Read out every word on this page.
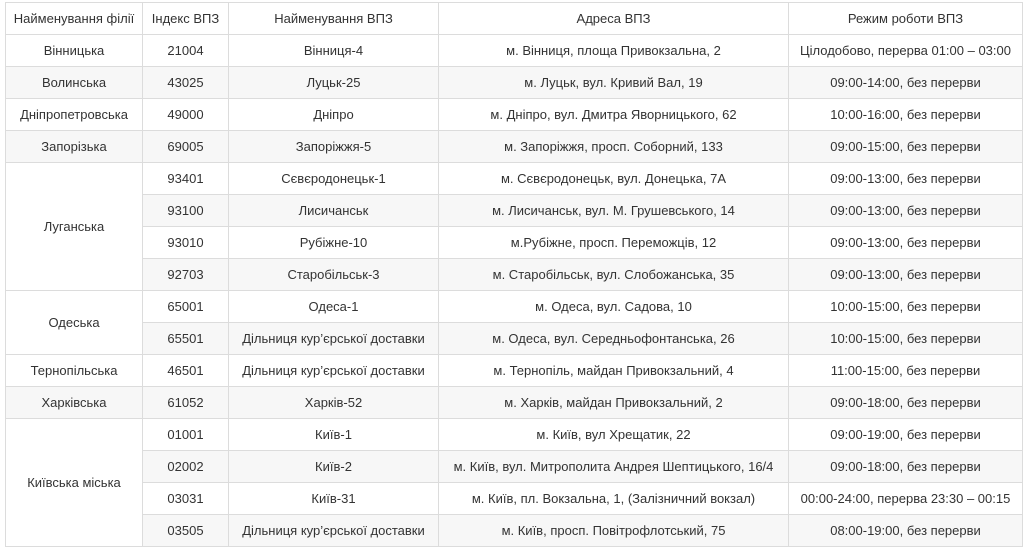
Найменування філії	Індекс ВПЗ	Найменування ВПЗ	Адреса ВПЗ	Режим роботи ВПЗ
Вінницька	21004	Вінниця-4	м. Вінниця, площа Привокзальна, 2	Цілодобово, перерва 01:00 – 03:00
Волинська	43025	Луцьк-25	м. Луцьк, вул. Кривий Вал, 19	09:00-14:00, без перерви
Дніпропетровська	49000	Дніпро	м. Дніпро, вул. Дмитра Яворницького, 62	10:00-16:00, без перерви
Запорізька	69005	Запоріжжя-5	м. Запоріжжя, просп. Соборний, 133	09:00-15:00, без перерви
Луганська	93401	Сєвєродонецьк-1	м. Сєвєродонецьк, вул. Донецька, 7А	09:00-13:00, без перерви
	93100	Лисичанськ	м. Лисичанськ, вул. М. Грушевського, 14	09:00-13:00, без перерви
	93010	Рубіжне-10	м.Рубіжне, просп. Переможців, 12	09:00-13:00, без перерви
	92703	Старобільськ-3	м. Старобільськ, вул. Слобожанська, 35	09:00-13:00, без перерви
Одеська	65001	Одеса-1	м. Одеса, вул. Садова, 10	10:00-15:00, без перерви
	65501	Дільниця кур’єрської доставки	м. Одеса, вул. Середньофонтанська, 26	10:00-15:00, без перерви
Тернопільська	46501	Дільниця кур’єрської доставки	м. Тернопіль, майдан Привокзальний, 4	11:00-15:00, без перерви
Харківська	61052	Харків-52	м. Харків, майдан Привокзальний, 2	09:00-18:00, без перерви
Київська міська	01001	Київ-1	м. Київ, вул Хрещатик, 22	09:00-19:00, без перерви
	02002	Київ-2	м. Київ, вул. Митрополита Андрея Шептицького, 16/4	09:00-18:00, без перерви
	03031	Київ-31	м. Київ, пл. Вокзальна, 1, (Залізничний вокзал)	00:00-24:00, перерва 23:30 – 00:15
	03505	Дільниця кур’єрської доставки	м. Київ, просп. Повітрофлотський, 75	08:00-19:00, без перерви
